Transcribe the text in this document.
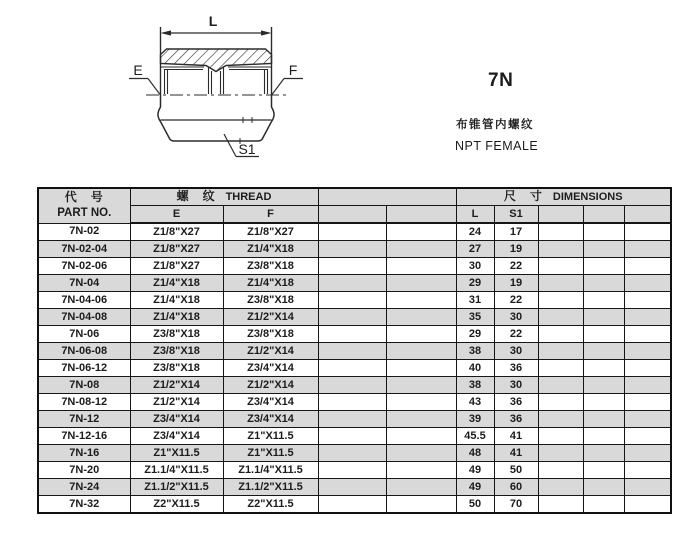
L
E	F
S1
7N
布锥管内螺纹
NPT FEMALE
代　号
PART NO.	螺　纹 THREAD				尺　寸 DIMENSIONS				
	E	F			L	S1			
7N-02	Z1/8"X27	Z1/8"X27			24	17			
7N-02-04	Z1/8"X27	Z1/4"X18			27	19			
7N-02-06	Z1/8"X27	Z3/8"X18			30	22			
7N-04	Z1/4"X18	Z1/4"X18			29	19			
7N-04-06	Z1/4"X18	Z3/8"X18			31	22			
7N-04-08	Z1/4"X18	Z1/2"X14			35	30			
7N-06	Z3/8"X18	Z3/8"X18			29	22			
7N-06-08	Z3/8"X18	Z1/2"X14			38	30			
7N-06-12	Z3/8"X18	Z3/4"X14			40	36			
7N-08	Z1/2"X14	Z1/2"X14			38	30			
7N-08-12	Z1/2"X14	Z3/4"X14			43	36			
7N-12	Z3/4"X14	Z3/4"X14			39	36			
7N-12-16	Z3/4"X14	Z1"X11.5			45.5	41			
7N-16	Z1"X11.5	Z1"X11.5			48	41			
7N-20	Z1.1/4"X11.5	Z1.1/4"X11.5			49	50			
7N-24	Z1.1/2"X11.5	Z1.1/2"X11.5			49	60			
7N-32	Z2"X11.5	Z2"X11.5			50	70			
